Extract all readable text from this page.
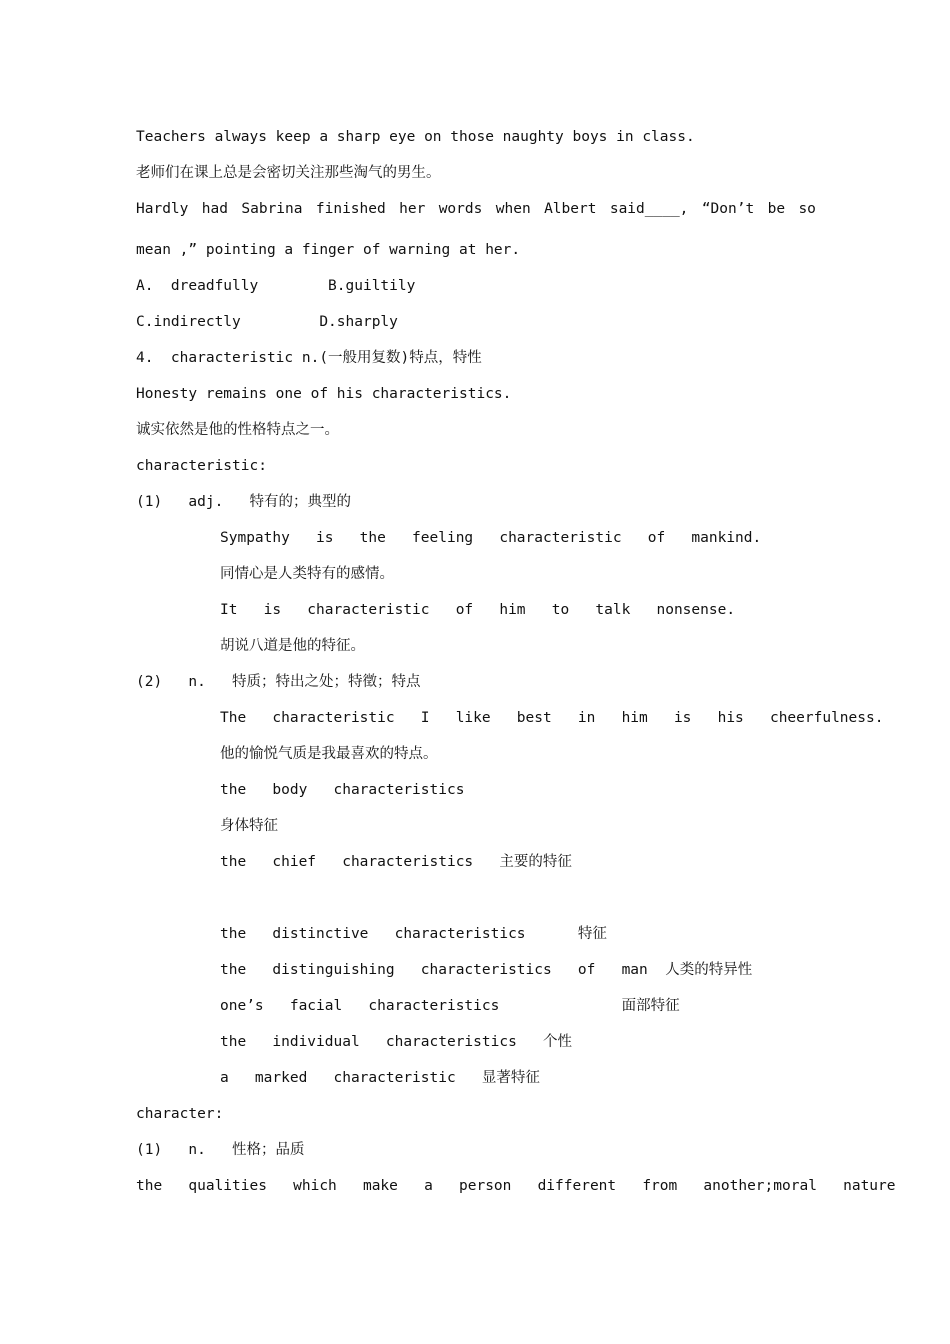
Teachers always keep a sharp eye on those naughty boys in class.
老师们在课上总是会密切关注那些淘气的男生。
Hardly had Sabrina finished her words when Albert said____, “Don’t be so
mean ,” pointing a finger of warning at her.
A.  dreadfully        B.guiltily
C.indirectly         D.sharply
4.  characteristic n.(一般用复数)特点，特性
Honesty remains one of his characteristics.
诚实依然是他的性格特点之一。
characteristic:
(1)   adj.   特有的；典型的
Sympathy   is   the   feeling   characteristic   of   mankind.
同情心是人类特有的感情。
It   is   characteristic   of   him   to   talk   nonsense.
胡说八道是他的特征。
(2)   n.   特质；特出之处；特徵；特点
The   characteristic   I   like   best   in   him   is   his   cheerfulness.
他的愉悦气质是我最喜欢的特点。
the   body   characteristics
身体特征
the   chief   characteristics   主要的特征
the   distinctive   characteristics      特征
the   distinguishing   characteristics   of   man  人类的特异性
one’s   facial   characteristics              面部特征
the   individual   characteristics   个性
a   marked   characteristic   显著特征
character:
(1)   n.   性格；品质
the   qualities   which   make   a   person   different   from   another;moral   nature
